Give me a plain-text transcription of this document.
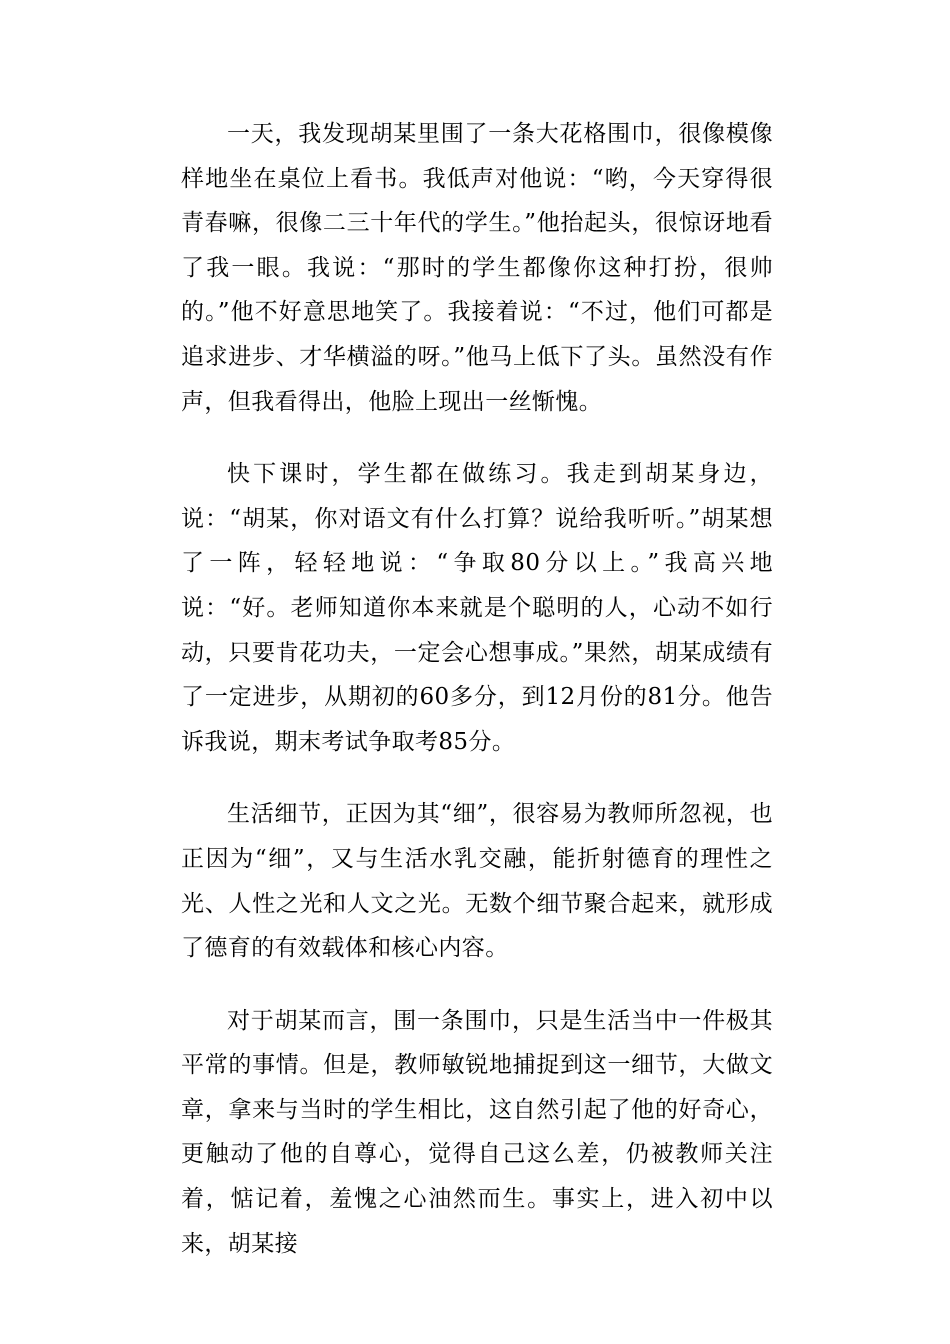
一天，我发现胡某里围了一条大花格围巾，很像模像样地坐在桌位上看书。我低声对他说：“哟，今天穿得很青春嘛，很像二三十年代的学生。”他抬起头，很惊讶地看了我一眼。我说：“那时的学生都像你这种打扮，很帅的。”他不好意思地笑了。我接着说：“不过，他们可都是追求进步、才华横溢的呀。”他马上低下了头。虽然没有作声，但我看得出，他脸上现出一丝惭愧。

快下课时，学生都在做练习。我走到胡某身边，说：“胡某，你对语文有什么打算？说给我听听。”胡某想了一阵，轻轻地说：“争取80分以上。”我高兴地说：“好。老师知道你本来就是个聪明的人，心动不如行动，只要肯花功夫，一定会心想事成。”果然，胡某成绩有了一定进步，从期初的60多分，到12月份的81分。他告诉我说，期末考试争取考85分。

生活细节，正因为其“细”，很容易为教师所忽视，也正因为“细”，又与生活水乳交融，能折射德育的理性之光、人性之光和人文之光。无数个细节聚合起来，就形成了德育的有效载体和核心内容。

对于胡某而言，围一条围巾，只是生活当中一件极其平常的事情。但是，教师敏锐地捕捉到这一细节，大做文章，拿来与当时的学生相比，这自然引起了他的好奇心，更触动了他的自尊心，觉得自己这么差，仍被教师关注着，惦记着，羞愧之心油然而生。事实上，进入初中以来，胡某接
